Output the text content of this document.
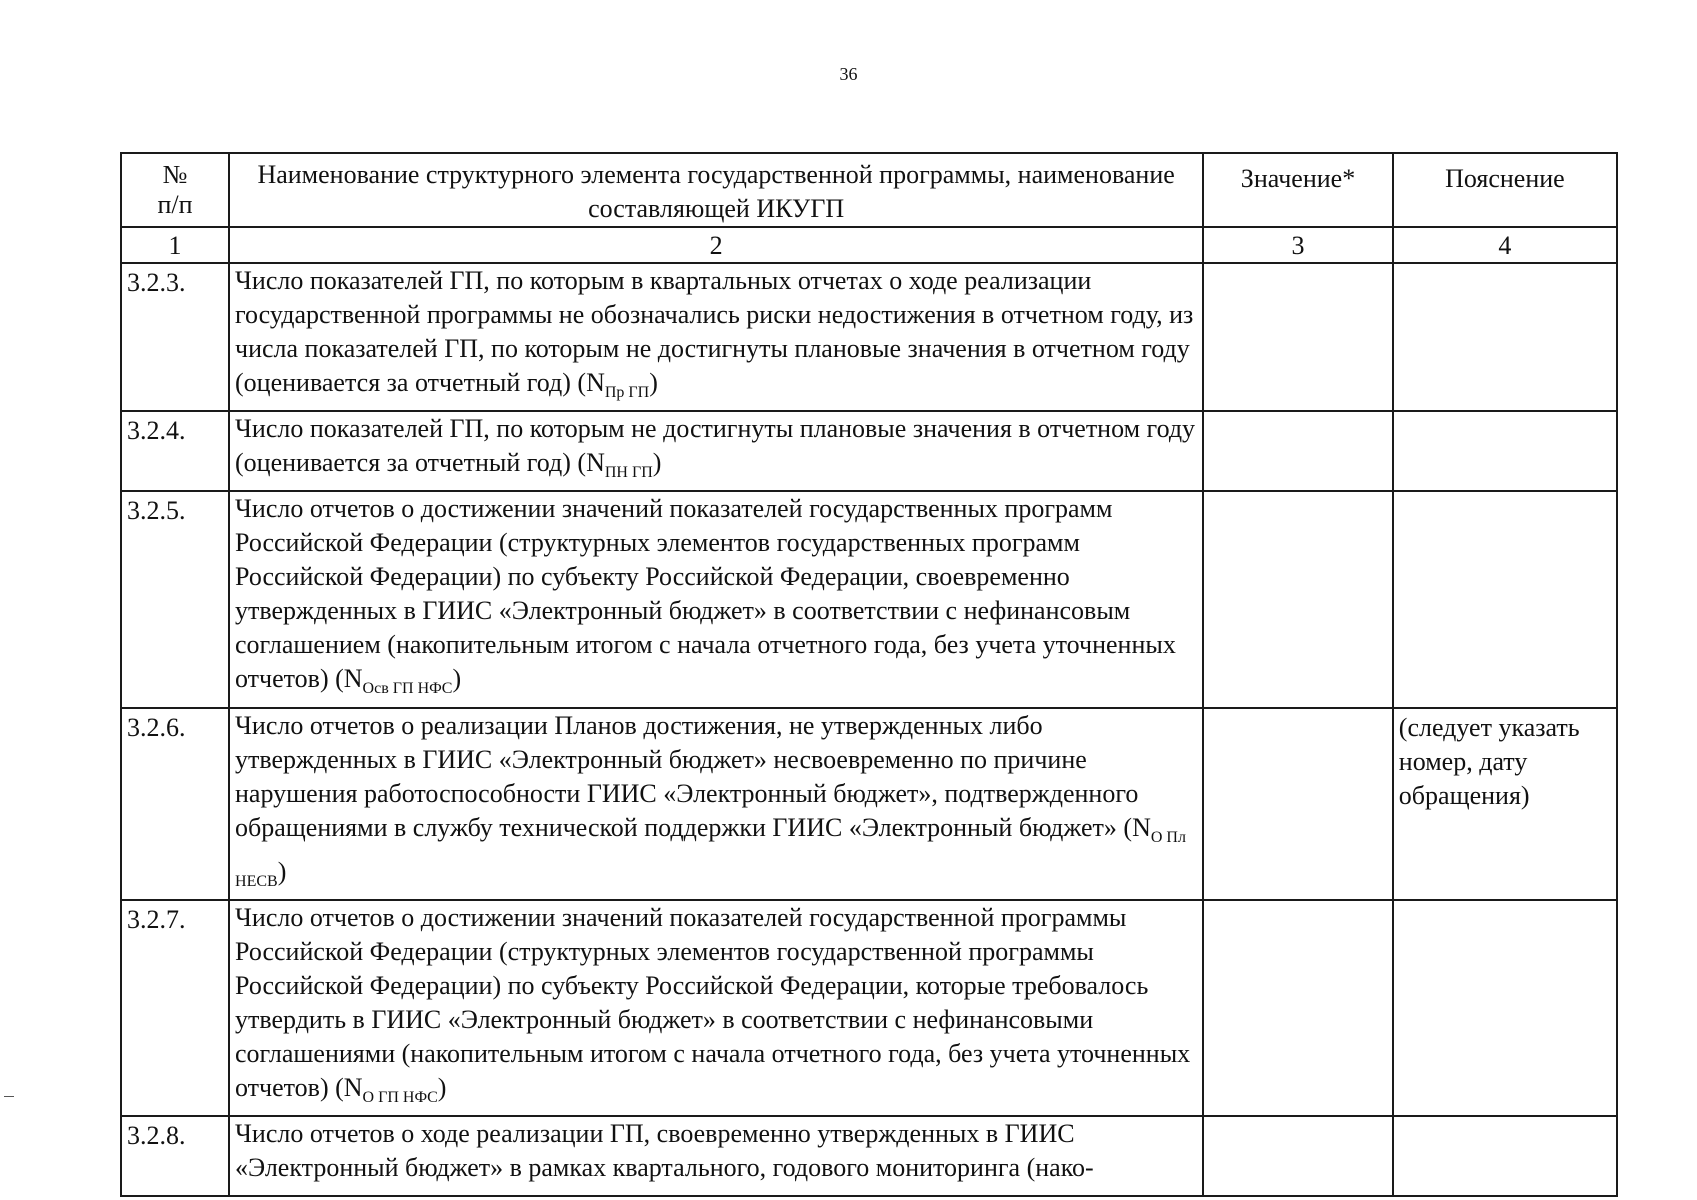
36
№
п/п	Наименование структурного элемента государственной программы, наименование составляющей ИКУГП	Значение*	Пояснение
1	2	3	4
3.2.3.	Число показателей ГП, по которым в квартальных отчетах о ходе реализации государственной программы не обозначались риски недостижения в отчетном году, из числа показателей ГП, по которым не достигнуты плановые значения в отчетном году (оценивается за отчетный год) $(N_{Пр ГП})$		
3.2.4.	Число показателей ГП, по которым не достигнуты плановые значения в отчетном году (оценивается за отчетный год) $(N_{ПН ГП})$		
3.2.5.	Число отчетов о достижении значений показателей государственных программ Российской Федерации (структурных элементов государственных программ Российской Федерации) по субъекту Российской Федерации, своевременно утвержденных в ГИИС «Электронный бюджет» в соответствии с нефинансовым соглашением (накопительным итогом с начала отчетного года, без учета уточненных отчетов) $(N_{Осв ГП НФС})$		
3.2.6.	Число отчетов о реализации Планов достижения, не утвержденных либо утвержденных в ГИИС «Электронный бюджет» несвоевременно по причине нарушения работоспособности ГИИС «Электронный бюджет», подтвержденного обращениями в службу технической поддержки ГИИС «Электронный бюджет» $(N_{О Пл НЕСВ})$		(следует указать номер, дату обращения)
3.2.7.	Число отчетов о достижении значений показателей государственной программы Российской Федерации (структурных элементов государственной программы Российской Федерации) по субъекту Российской Федерации, которые требовалось утвердить в ГИИС «Электронный бюджет» в соответствии с нефинансовыми соглашениями (накопительным итогом с начала отчетного года, без учета уточненных отчетов) $(N_{О ГП НФС})$		
3.2.8.	Число отчетов о ходе реализации ГП, своевременно утвержденных в ГИИС «Электронный бюджет» в рамках квартального, годового мониторинга (нако-		
